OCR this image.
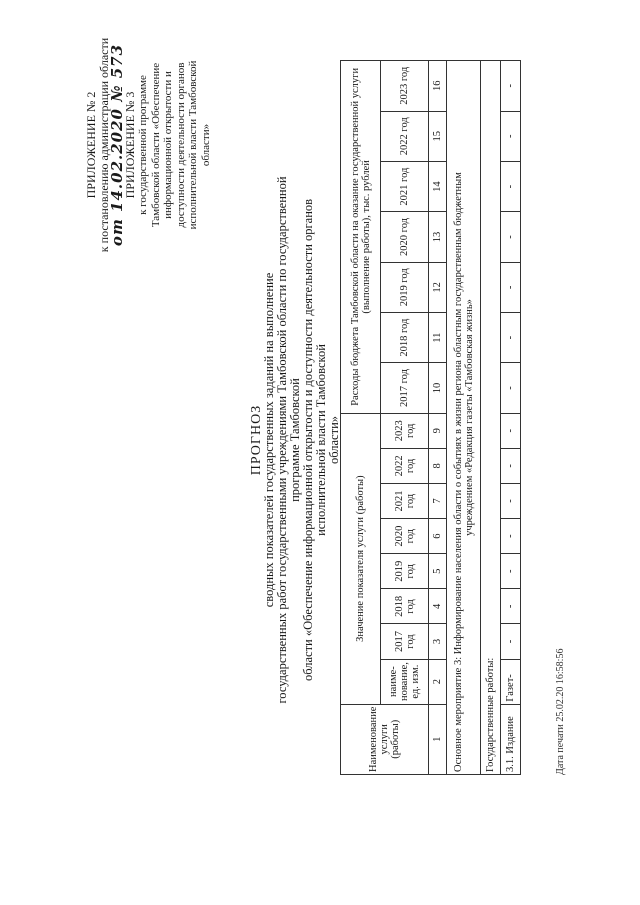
ПРИЛОЖЕНИЕ № 2 к постановлению администрации области
от 14.02.2020 № 573
ПРИЛОЖЕНИЕ № 3 к государственной программе Тамбовской области «Обеспечение информационной открытости и доступности деятельности органов исполнительной власти Тамбовской области»
ПРОГНОЗ
сводных показателей государственных заданий на выполнение государственных работ государственными учреждениями Тамбовской области по государственной программе Тамбовской области «Обеспечение информационной открытости и доступности деятельности органов исполнительной власти Тамбовской области»
Наименование услуги (работы)	Значение показателя услуги (работы)								Расходы бюджета Тамбовской области на оказание государственной услуги (выполнение работы), тыс. рублей						
	наиме-нование, ед. изм.	2017 год	2018 год	2019 год	2020 год	2021 год	2022 год	2023 год	2017 год	2018 год	2019 год	2020 год	2021 год	2022 год	2023 год
1	2	3	4	5	6	7	8	9	10	11	12	13	14	15	16

Основное мероприятие 3: Информирование населения области о событиях в жизни региона областным государственным бюджетным учреждением «Редакция газеты «Тамбовская жизнь»															

Государственные работы:															
3.1. Издание	Газет-	-	-	-	-	-	-	-	-	-	-	-	-	-	-
Дата печати 25.02.20 16:58:56
